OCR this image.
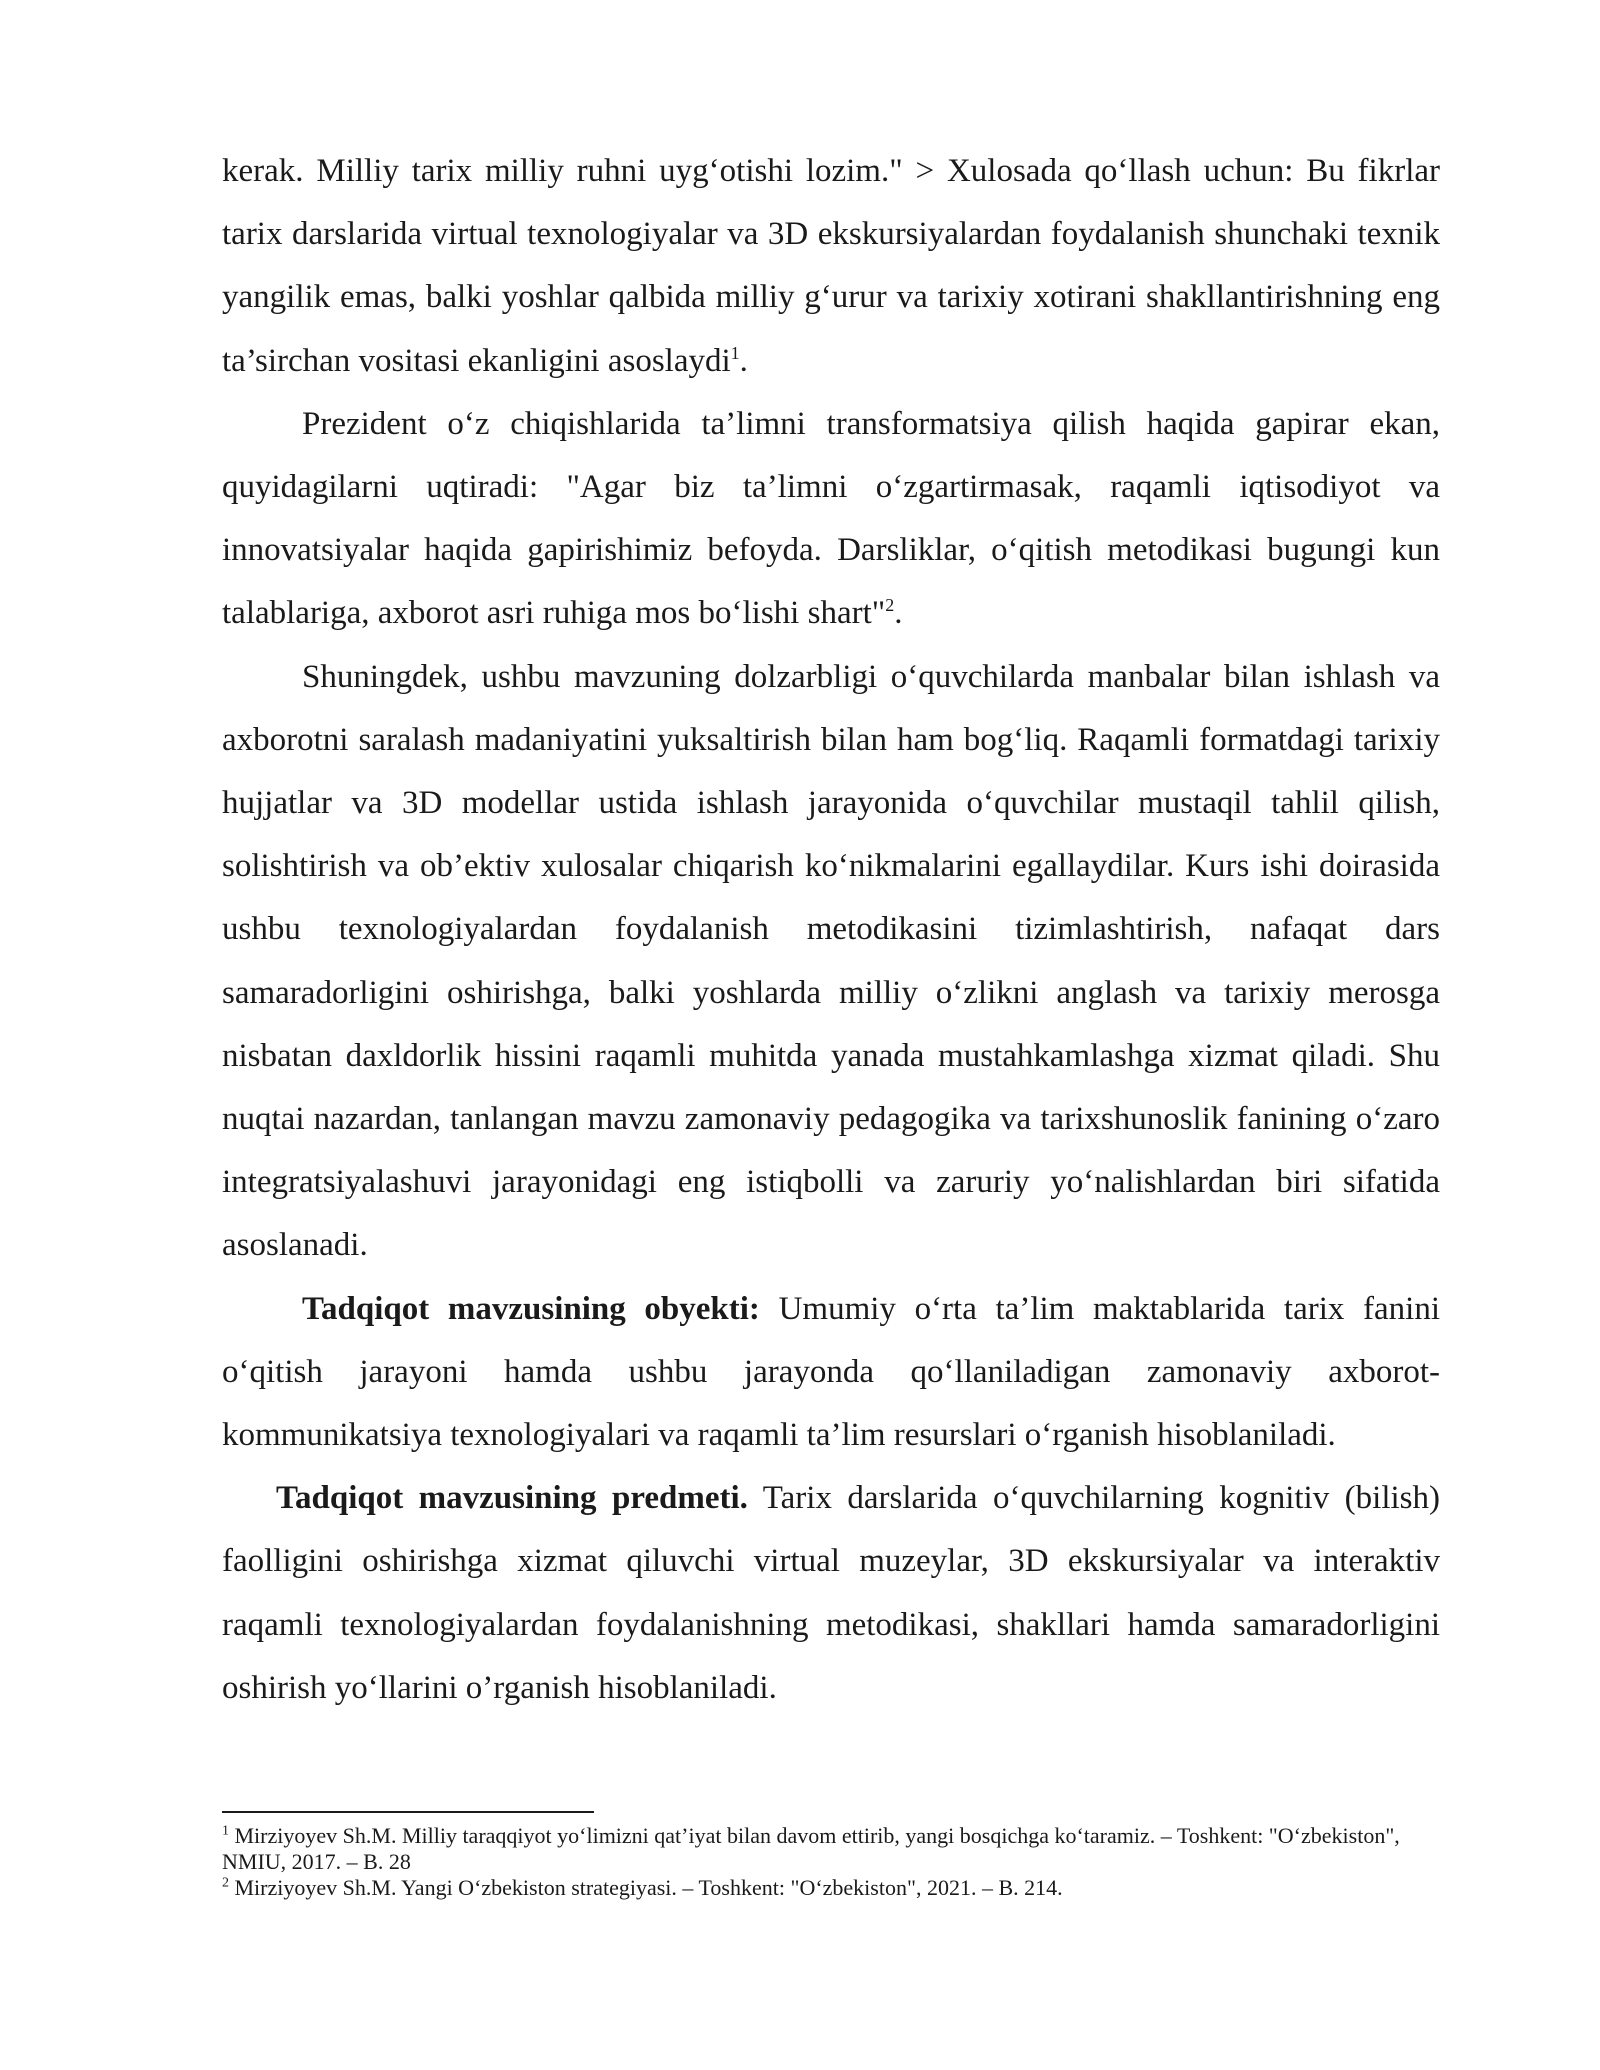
kerak. Milliy tarix milliy ruhni uygʻotishi lozim." > Xulosada qoʻllash uchun: Bu fikrlar tarix darslarida virtual texnologiyalar va 3D ekskursiyalardan foydalanish shunchaki texnik yangilik emas, balki yoshlar qalbida milliy gʻurur va tarixiy xotirani shakllantirishning eng ta’sirchan vositasi ekanligini asoslaydi$^1$.

Prezident oʻz chiqishlarida ta’limni transformatsiya qilish haqida gapirar ekan, quyidagilarni uqtiradi: "Agar biz ta’limni oʻzgartirmasak, raqamli iqtisodiyot va innovatsiyalar haqida gapirishimiz befoyda. Darsliklar, oʻqitish metodikasi bugungi kun talablariga, axborot asri ruhiga mos boʻlishi shart"$^2$.

Shuningdek, ushbu mavzuning dolzarbligi oʻquvchilarda manbalar bilan ishlash va axborotni saralash madaniyatini yuksaltirish bilan ham bogʻliq. Raqamli formatdagi tarixiy hujjatlar va 3D modellar ustida ishlash jarayonida oʻquvchilar mustaqil tahlil qilish, solishtirish va ob’ektiv xulosalar chiqarish koʻnikmalarini egallaydilar. Kurs ishi doirasida ushbu texnologiyalardan foydalanish metodikasini tizimlashtirish, nafaqat dars samaradorligini oshirishga, balki yoshlarda milliy oʻzlikni anglash va tarixiy merosga nisbatan daxldorlik hissini raqamli muhitda yanada mustahkamlashga xizmat qiladi. Shu nuqtai nazardan, tanlangan mavzu zamonaviy pedagogika va tarixshunoslik fanining oʻzaro integratsiyalashuvi jarayonidagi eng istiqbolli va zaruriy yoʻnalishlardan biri sifatida asoslanadi.

Tadqiqot mavzusining obyekti: Umumiy oʻrta ta’lim maktablarida tarix fanini oʻqitish jarayoni hamda ushbu jarayonda qoʻllaniladigan zamonaviy axborot-kommunikatsiya texnologiyalari va raqamli ta’lim resurslari oʻrganish hisoblaniladi.

Tadqiqot mavzusining predmeti. Tarix darslarida oʻquvchilarning kognitiv (bilish) faolligini oshirishga xizmat qiluvchi virtual muzeylar, 3D ekskursiyalar va interaktiv raqamli texnologiyalardan foydalanishning metodikasi, shakllari hamda samaradorligini oshirish yoʻllarini o’rganish hisoblaniladi.

$^1$ Mirziyoyev Sh.M. Milliy taraqqiyot yoʻlimizni qat’iyat bilan davom ettirib, yangi bosqichga koʻtaramiz. – Toshkent: "Oʻzbekiston", NMIU, 2017. – B. 28

$^2$ Mirziyoyev Sh.M. Yangi Oʻzbekiston strategiyasi. – Toshkent: "Oʻzbekiston", 2021. – B. 214.
